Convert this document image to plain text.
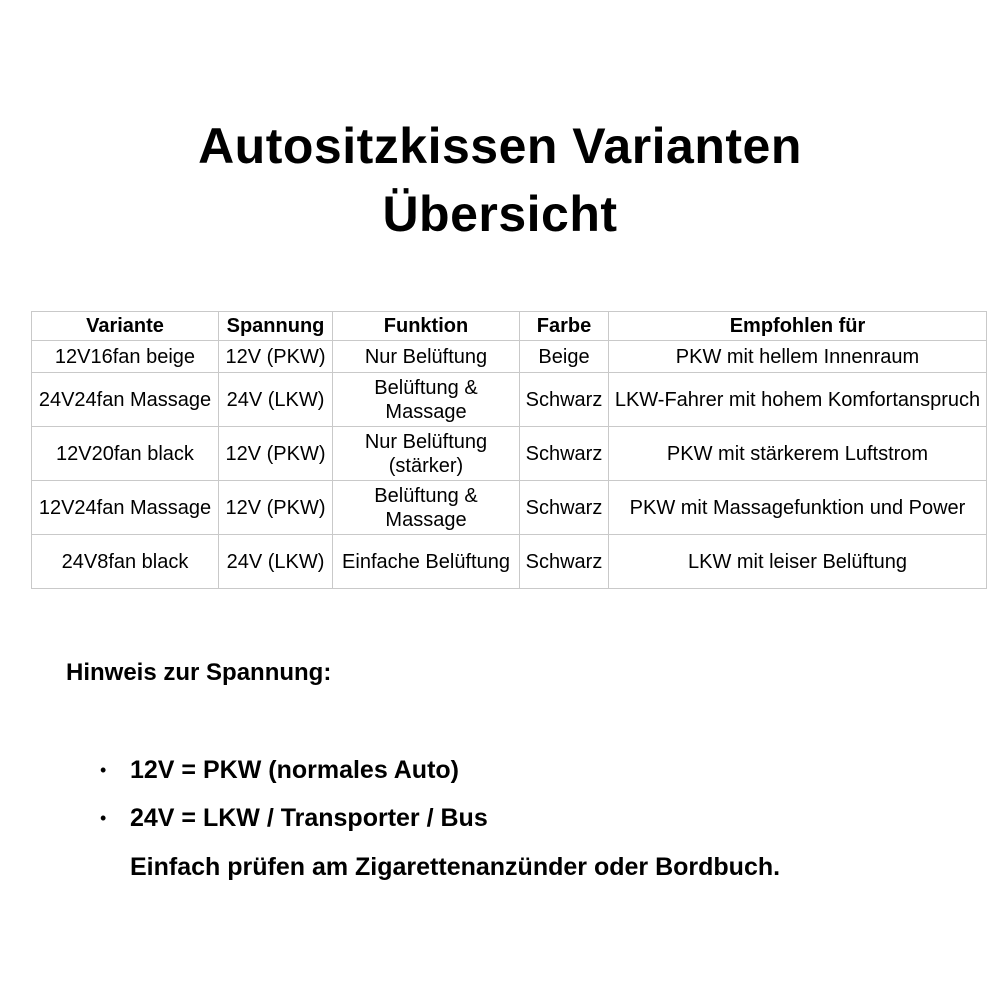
Autositzkissen Varianten
Übersicht
Variante	Spannung	Funktion	Farbe	Empfohlen für
12V16fan beige	12V (PKW)	Nur Belüftung	Beige	PKW mit hellem Innenraum
24V24fan Massage	24V (LKW)	Belüftung & Massage	Schwarz	LKW-Fahrer mit hohem Komfortanspruch
12V20fan black	12V (PKW)	Nur Belüftung (stärker)	Schwarz	PKW mit stärkerem Luftstrom
12V24fan Massage	12V (PKW)	Belüftung & Massage	Schwarz	PKW mit Massagefunktion und Power
24V8fan black	24V (LKW)	Einfache Belüftung	Schwarz	LKW mit leiser Belüftung
Hinweis zur Spannung:
• 12V = PKW (normales Auto)
• 24V = LKW / Transporter / Bus
Einfach prüfen am Zigarettenanzünder oder Bordbuch.
